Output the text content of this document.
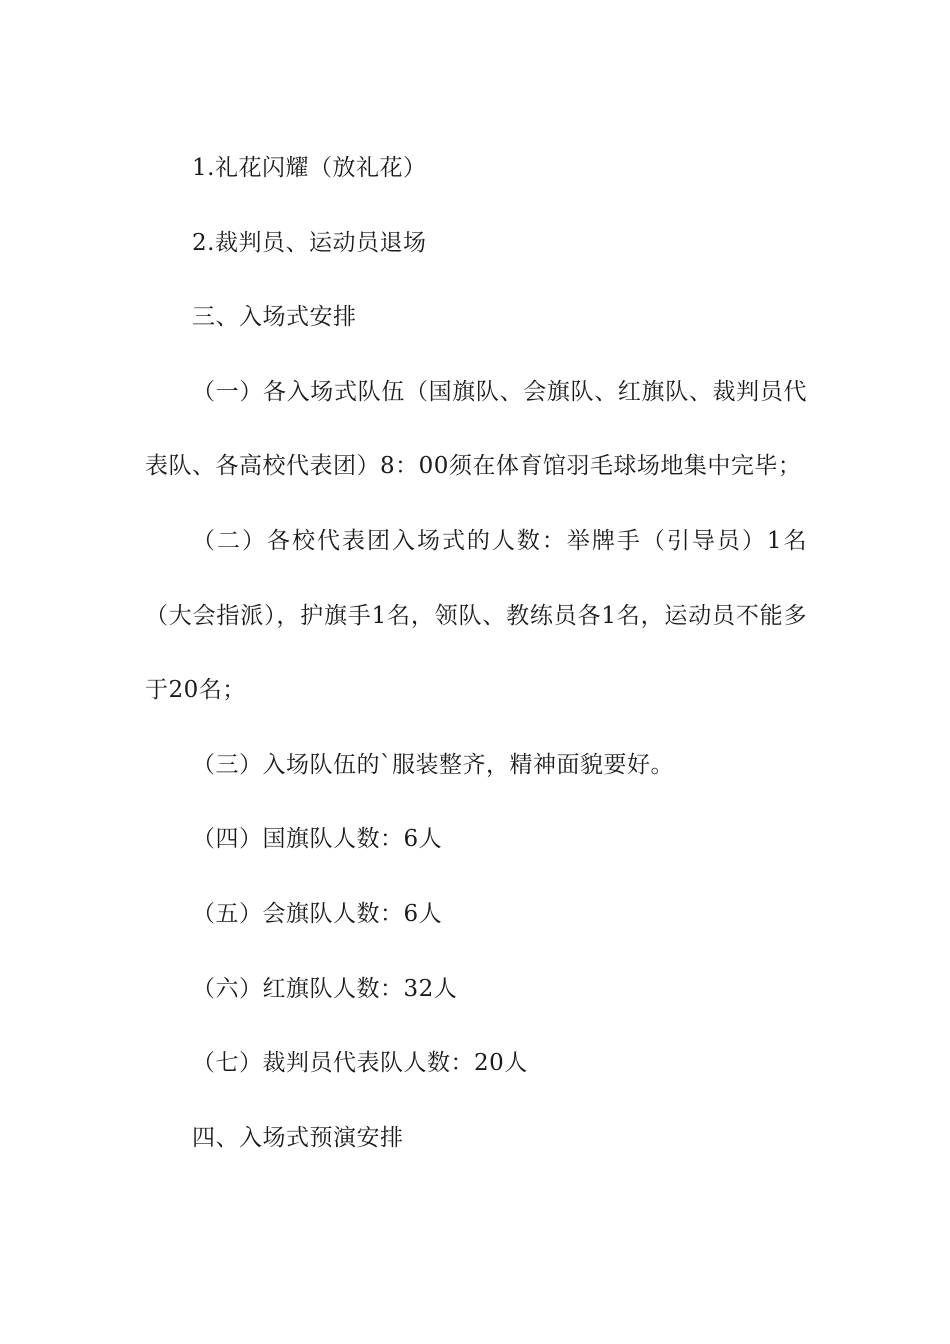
1.礼花闪耀（放礼花）

2.裁判员、运动员退场

三、入场式安排

（一）各入场式队伍（国旗队、会旗队、红旗队、裁判员代表队、各高校代表团）8：00须在体育馆羽毛球场地集中完毕；

（二）各校代表团入场式的人数：举牌手（引导员）1名（大会指派），护旗手1名，领队、教练员各1名，运动员不能多于20名；

（三）入场队伍的`服装整齐，精神面貌要好。

（四）国旗队人数：6人

（五）会旗队人数：6人

（六）红旗队人数：32人

（七）裁判员代表队人数：20人

四、入场式预演安排
